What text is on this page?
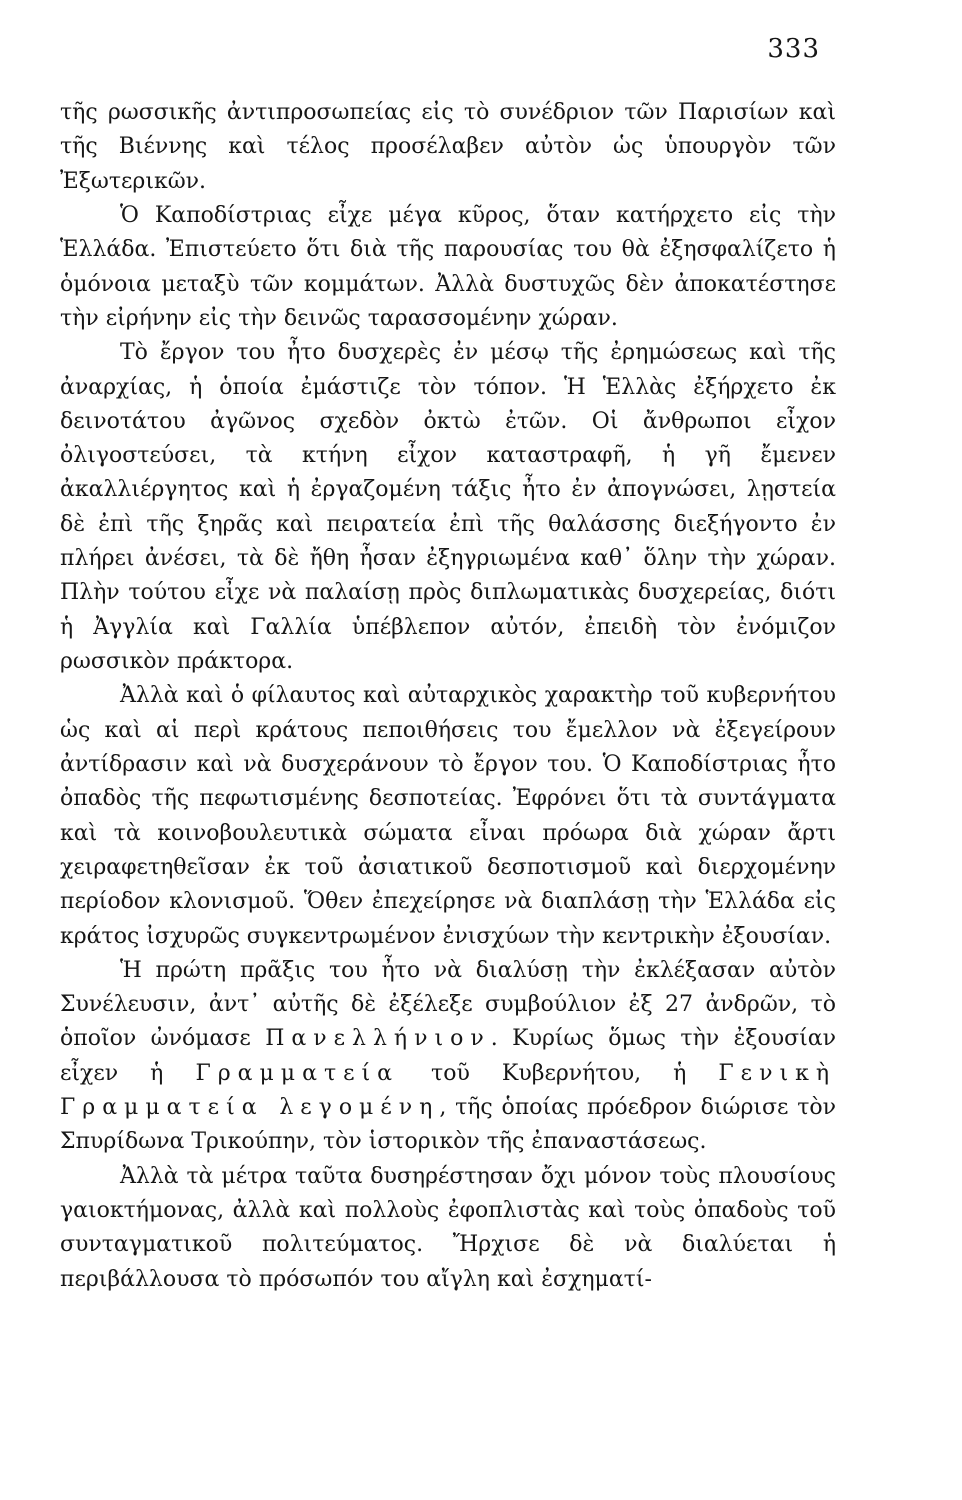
333

τῆς ρωσσικῆς ἀντιπροσωπείας εἰς τὸ συνέδριον τῶν Παρισίων καὶ τῆς Βιέννης καὶ τέλος προσέλαβεν αὐτὸν ὡς ὑπουργὸν τῶν Ἐξωτερικῶν.

Ὁ Καποδίστριας εἶχε μέγα κῦρος, ὅταν κατήρχετο εἰς τὴν Ἑλλάδα. Ἐπιστεύετο ὅτι διὰ τῆς παρουσίας του θὰ ἐξησφαλίζετο ἡ ὁμόνοια μεταξὺ τῶν κομμάτων. Ἀλλὰ δυστυχῶς δὲν ἀποκατέστησε τὴν εἰρήνην εἰς τὴν δεινῶς ταρασσομένην χώραν.

Τὸ ἔργον του ἦτο δυσχερὲς ἐν μέσῳ τῆς ἐρημώσεως καὶ τῆς ἀναρχίας, ἡ ὁποία ἐμάστιζε τὸν τόπον. Ἡ Ἑλλὰς ἐξήρχετο ἐκ δεινοτάτου ἀγῶνος σχεδὸν ὀκτὼ ἐτῶν. Οἱ ἄνθρωποι εἶχον ὀλιγοστεύσει, τὰ κτήνη εἶχον καταστραφῆ, ἡ γῆ ἔμενεν ἀκαλλιέργητος καὶ ἡ ἐργαζομένη τάξις ἦτο ἐν ἀπογνώσει, λῃστεία δὲ ἐπὶ τῆς ξηρᾶς καὶ πειρατεία ἐπὶ τῆς θαλάσσης διεξήγοντο ἐν πλήρει ἀνέσει, τὰ δὲ ἤθη ἦσαν ἐξηγριωμένα καθ᾿ ὅλην τὴν χώραν. Πλὴν τούτου εἶχε νὰ παλαίσῃ πρὸς διπλωματικὰς δυσχερείας, διότι ἡ Ἀγγλία καὶ Γαλλία ὑπέβλεπον αὐτόν, ἐπειδὴ τὸν ἐνόμιζον ρωσσικὸν πράκτορα.

Ἀλλὰ καὶ ὁ φίλαυτος καὶ αὐταρχικὸς χαρακτὴρ τοῦ κυβερνήτου ὡς καὶ αἱ περὶ κράτους πεποιθήσεις του ἔμελλον νὰ ἐξεγείρουν ἀντίδρασιν καὶ νὰ δυσχεράνουν τὸ ἔργον του. Ὁ Καποδίστριας ἦτο ὀπαδὸς τῆς πεφωτισμένης δεσποτείας. Ἐφρόνει ὅτι τὰ συντάγματα καὶ τὰ κοινοβουλευτικὰ σώματα εἶναι πρόωρα διὰ χώραν ἄρτι χειραφετηθεῖσαν ἐκ τοῦ ἀσιατικοῦ δεσποτισμοῦ καὶ διερχομένην περίοδον κλονισμοῦ. Ὅθεν ἐπεχείρησε νὰ διαπλάσῃ τὴν Ἑλλάδα εἰς κράτος ἰσχυρῶς συγκεντρωμένον ἐνισχύων τὴν κεντρικὴν ἐξουσίαν.

Ἡ πρώτη πρᾶξις του ἦτο νὰ διαλύσῃ τὴν ἐκλέξασαν αὐτὸν Συνέλευσιν, ἀντ᾿ αὐτῆς δὲ ἐξέλεξε συμβούλιον ἐξ 27 ἀνδρῶν, τὸ ὁποῖον ὠνόμασε Πανελλήνιον. Κυρίως ὅμως τὴν ἐξουσίαν εἶχεν ἡ Γραμματεία τοῦ Κυβερνήτου, ἡ Γενικὴ Γραμματεία λεγομένη, τῆς ὁποίας πρόεδρον διώρισε τὸν Σπυρίδωνα Τρικούπην, τὸν ἱστορικὸν τῆς ἐπαναστάσεως.

Ἀλλὰ τὰ μέτρα ταῦτα δυσηρέστησαν ὄχι μόνον τοὺς πλουσίους γαιοκτήμονας, ἀλλὰ καὶ πολλοὺς ἐφοπλιστὰς καὶ τοὺς ὀπαδοὺς τοῦ συνταγματικοῦ πολιτεύματος. Ἤρχισε δὲ νὰ διαλύεται ἡ περιβάλλουσα τὸ πρόσωπόν του αἴγλη καὶ ἐσχηματί-
